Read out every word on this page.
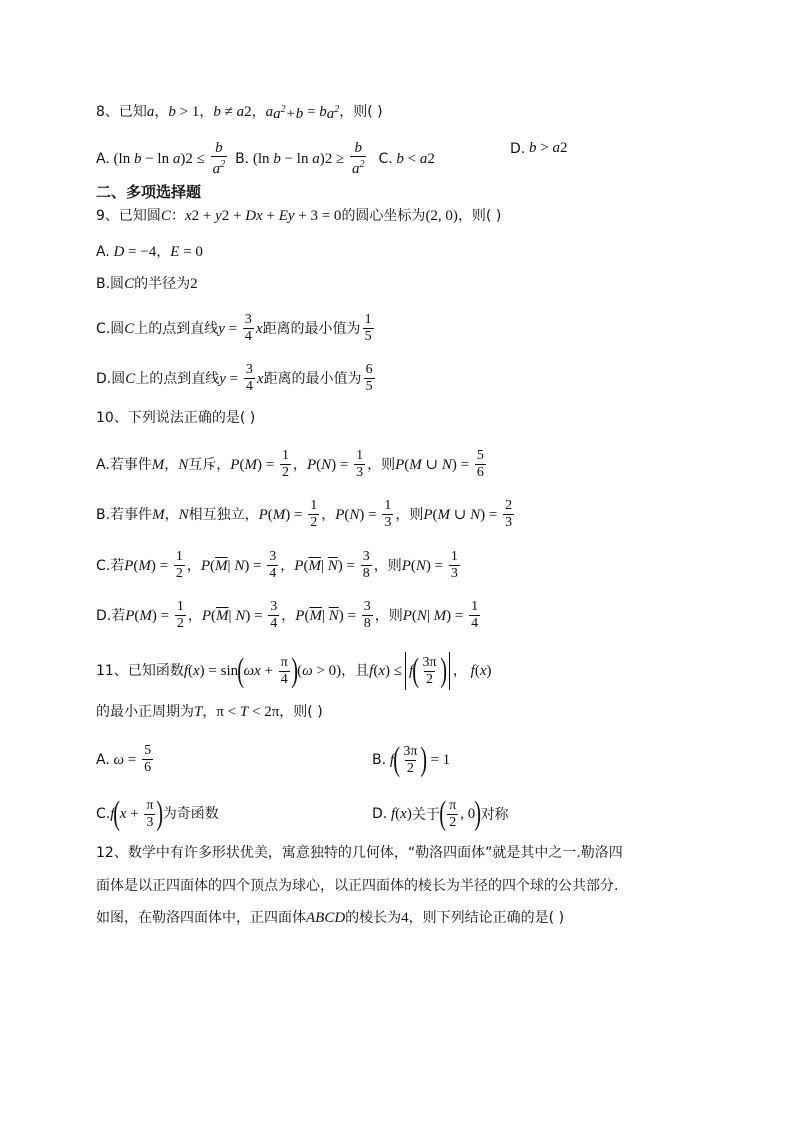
8、已知 a ， b > 1 ， b ≠ a 2 ， a $a^2+b = b$ $a^2$ ，则( )
A. (ln b − ln a ) $2 \le \frac{b}{a^2} B$. (ln b − ln a ) $2 \ge \frac{b}{a^2} C$. b < a 2
D. b > a 2
二、多项选择题
9、已知圆 C ： x 2 + y 2 + Dx + Ey + 3 = 0 的圆心坐标为 (2, 0) ，则( )
A. D = −4 ， E = 0
B.圆 C 的半径为 2
C.圆 C 上的点到直线 $y = \frac{3}{4}$ x 距离的最小值为 $\frac{1}{5}$
D.圆 C 上的点到直线 $y = \frac{3}{4}$ x 距离的最小值为 $\frac{6}{5}$
10、下列说法正确的是( )
A.若事件 M ， N 互斥， P ( M ) = $\frac{1}{2}$ ， P ( N ) = $\frac{1}{3}$ ，则 P ( M ∪ N ) = $\frac{5}{6}$
B.若事件 M ， N 相互独立， P ( M ) = $\frac{1}{2}$ ， P ( N ) = $\frac{1}{3}$ ，则 P ( M ∪ N ) = $\frac{2}{3}$
C.若 P ( M ) = $\frac{1}{2}$ ， P ( $\overline{M}$ | N ) = $\frac{3}{4}$ ， P ( $\overline{M}$ | $\overline{N}$ ) = $\frac{3}{8}$ ，则 P ( N ) = $\frac{1}{3}$
D.若 P ( M ) = $\frac{1}{2}$ ， P ( $\overline{M}$ | N ) = $\frac{3}{4}$ ， P ( $\overline{M}$ | $\overline{N}$ ) = $\frac{3}{8}$ ，则 P ( N | M ) = $\frac{1}{4}$
11、已知函数 f ( x ) = sin ( $\omega x + \frac{\pi}{4}$ ) ( ω > 0) ，且 f ( x ) ≤ f ( $\frac{3\pi}{2}$ ) ， f ( x )
的最小正周期为 T ， π < T < 2π ，则( )
A. $\omega = \frac{5}{6}$	B. f ( $\frac{3\pi}{2}$ ) = 1
C. f ( $x + \frac{\pi}{3}$ ) 为奇函数	D. f ( x ) 关于 ( $\frac{\pi}{2}$ , 0 ) 对称
12、数学中有许多形状优美，寓意独特的几何体，“勒洛四面体”就是其中之一.勒洛四
面体是以正四面体的四个顶点为球心，以正四面体的棱长为半径的四个球的公共部分.
如图，在勒洛四面体中，正四面体 ABCD 的棱长为 4 ，则下列结论正确的是( )
